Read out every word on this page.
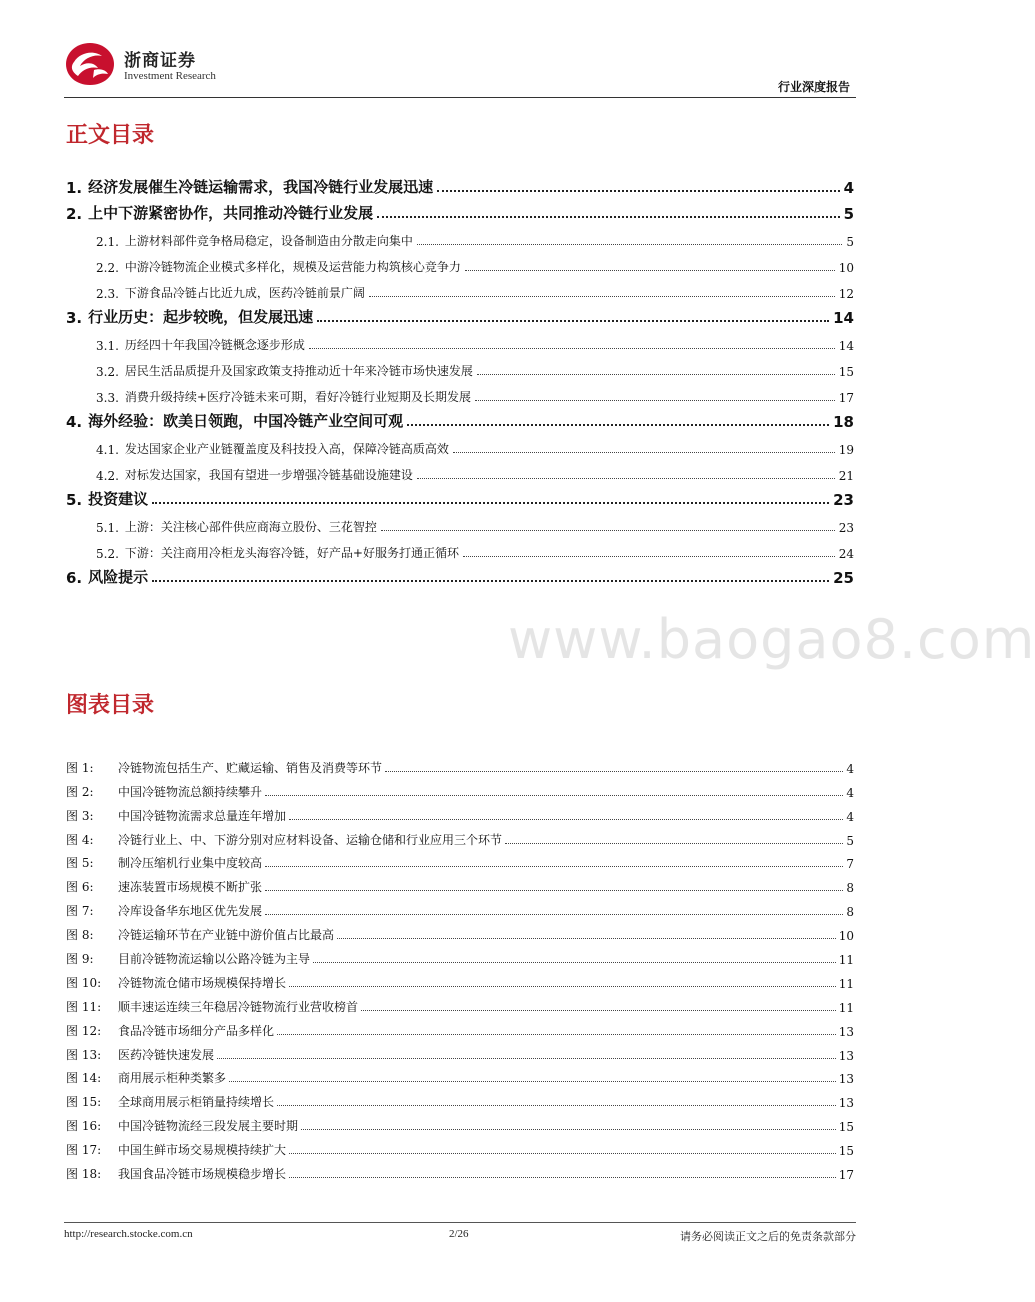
浙商证券
Investment Research
行业深度报告
正文目录
1. 经济发展催生冷链运输需求，我国冷链行业发展迅速	4
2. 上中下游紧密协作，共同推动冷链行业发展	5
2.1. 上游材料部件竞争格局稳定，设备制造由分散走向集中	5
2.2. 中游冷链物流企业模式多样化，规模及运营能力构筑核心竞争力	10
2.3. 下游食品冷链占比近九成，医药冷链前景广阔	12
3. 行业历史：起步较晚，但发展迅速	14
3.1. 历经四十年我国冷链概念逐步形成	14
3.2. 居民生活品质提升及国家政策支持推动近十年来冷链市场快速发展	15
3.3. 消费升级持续+医疗冷链未来可期，看好冷链行业短期及长期发展	17
4. 海外经验：欧美日领跑，中国冷链产业空间可观	18
4.1. 发达国家企业产业链覆盖度及科技投入高，保障冷链高质高效	19
4.2. 对标发达国家，我国有望进一步增强冷链基础设施建设	21
5. 投资建议	23
5.1. 上游：关注核心部件供应商海立股份、三花智控	23
5.2. 下游：关注商用冷柜龙头海容冷链，好产品+好服务打通正循环	24
6. 风险提示	25
www.baogao8.com
图表目录
图 1:	冷链物流包括生产、贮藏运输、销售及消费等环节	4
图 2:	中国冷链物流总额持续攀升	4
图 3:	中国冷链物流需求总量连年增加	4
图 4:	冷链行业上、中、下游分别对应材料设备、运输仓储和行业应用三个环节	5
图 5:	制冷压缩机行业集中度较高	7
图 6:	速冻装置市场规模不断扩张	8
图 7:	冷库设备华东地区优先发展	8
图 8:	冷链运输环节在产业链中游价值占比最高	10
图 9:	目前冷链物流运输以公路冷链为主导	11
图 10:	冷链物流仓储市场规模保持增长	11
图 11:	顺丰速运连续三年稳居冷链物流行业营收榜首	11
图 12:	食品冷链市场细分产品多样化	13
图 13:	医药冷链快速发展	13
图 14:	商用展示柜种类繁多	13
图 15:	全球商用展示柜销量持续增长	13
图 16:	中国冷链物流经三段发展主要时期	15
图 17:	中国生鲜市场交易规模持续扩大	15
图 18:	我国食品冷链市场规模稳步增长	17
http://research.stocke.com.cn	2/26	请务必阅读正文之后的免责条款部分
